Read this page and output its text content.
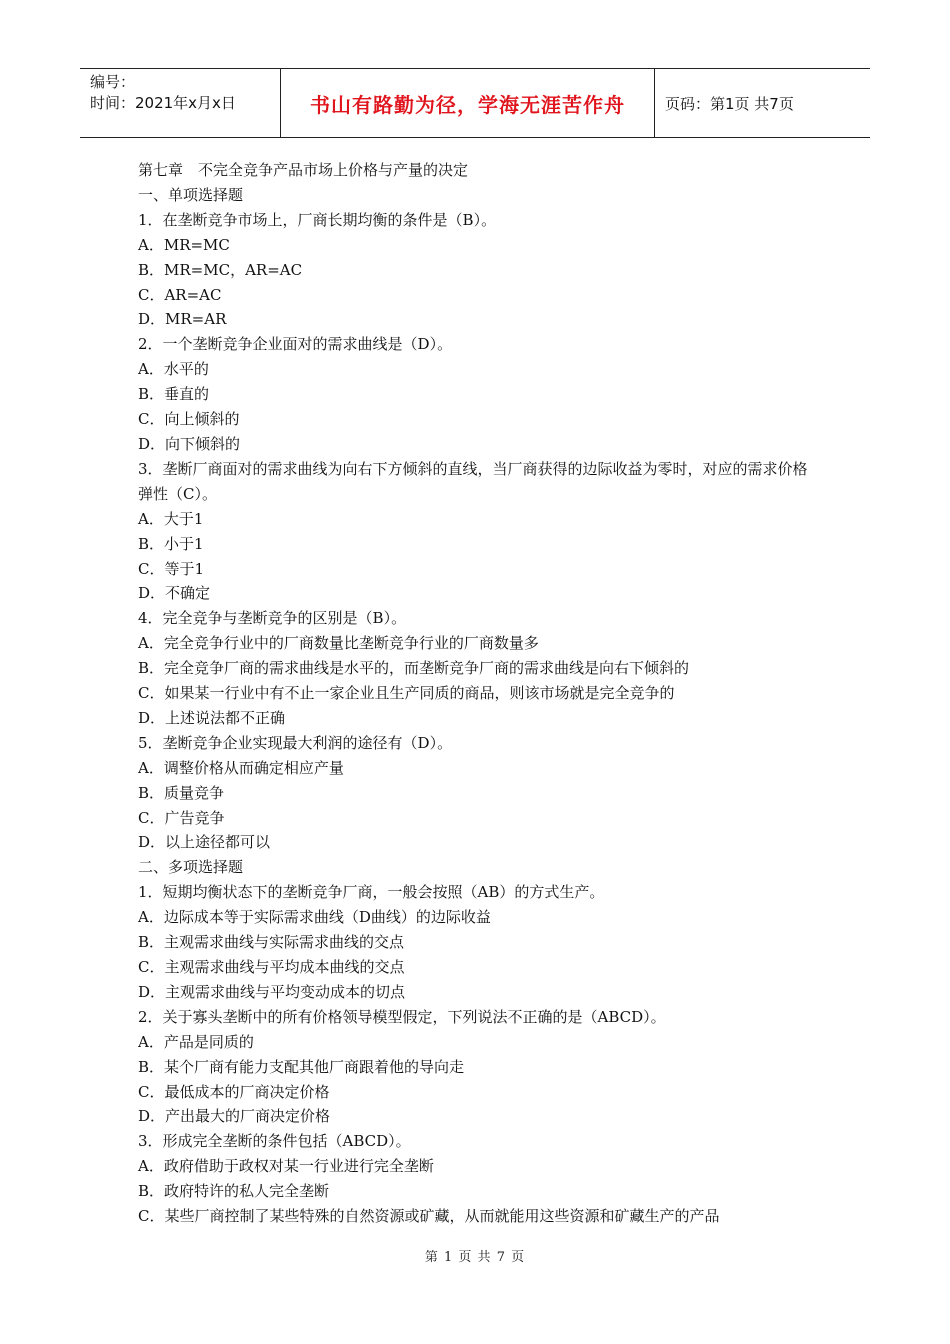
编号：
时间：2021年x月x日	书山有路勤为径，学海无涯苦作舟	页码：第1页 共7页
第七章　不完全竞争产品市场上价格与产量的决定
一、单项选择题
1．在垄断竞争市场上，厂商长期均衡的条件是（B）。
A．MR=MC
B．MR=MC，AR=AC
C．AR=AC
D．MR=AR
2．一个垄断竞争企业面对的需求曲线是（D）。
A．水平的
B．垂直的
C．向上倾斜的
D．向下倾斜的
3．垄断厂商面对的需求曲线为向右下方倾斜的直线，当厂商获得的边际收益为零时，对应的需求价格弹性（C）。
A．大于1
B．小于1
C．等于1
D．不确定
4．完全竞争与垄断竞争的区别是（B）。
A．完全竞争行业中的厂商数量比垄断竞争行业的厂商数量多
B．完全竞争厂商的需求曲线是水平的，而垄断竞争厂商的需求曲线是向右下倾斜的
C．如果某一行业中有不止一家企业且生产同质的商品，则该市场就是完全竞争的
D．上述说法都不正确
5．垄断竞争企业实现最大利润的途径有（D）。
A．调整价格从而确定相应产量
B．质量竞争
C．广告竞争
D．以上途径都可以
二、多项选择题
1．短期均衡状态下的垄断竞争厂商，一般会按照（AB）的方式生产。
A．边际成本等于实际需求曲线（D曲线）的边际收益
B．主观需求曲线与实际需求曲线的交点
C．主观需求曲线与平均成本曲线的交点
D．主观需求曲线与平均变动成本的切点
2．关于寡头垄断中的所有价格领导模型假定，下列说法不正确的是（ABCD）。
A．产品是同质的
B．某个厂商有能力支配其他厂商跟着他的导向走
C．最低成本的厂商决定价格
D．产出最大的厂商决定价格
3．形成完全垄断的条件包括（ABCD）。
A．政府借助于政权对某一行业进行完全垄断
B．政府特许的私人完全垄断
C．某些厂商控制了某些特殊的自然资源或矿藏，从而就能用这些资源和矿藏生产的产品
第 1 页 共 7 页
